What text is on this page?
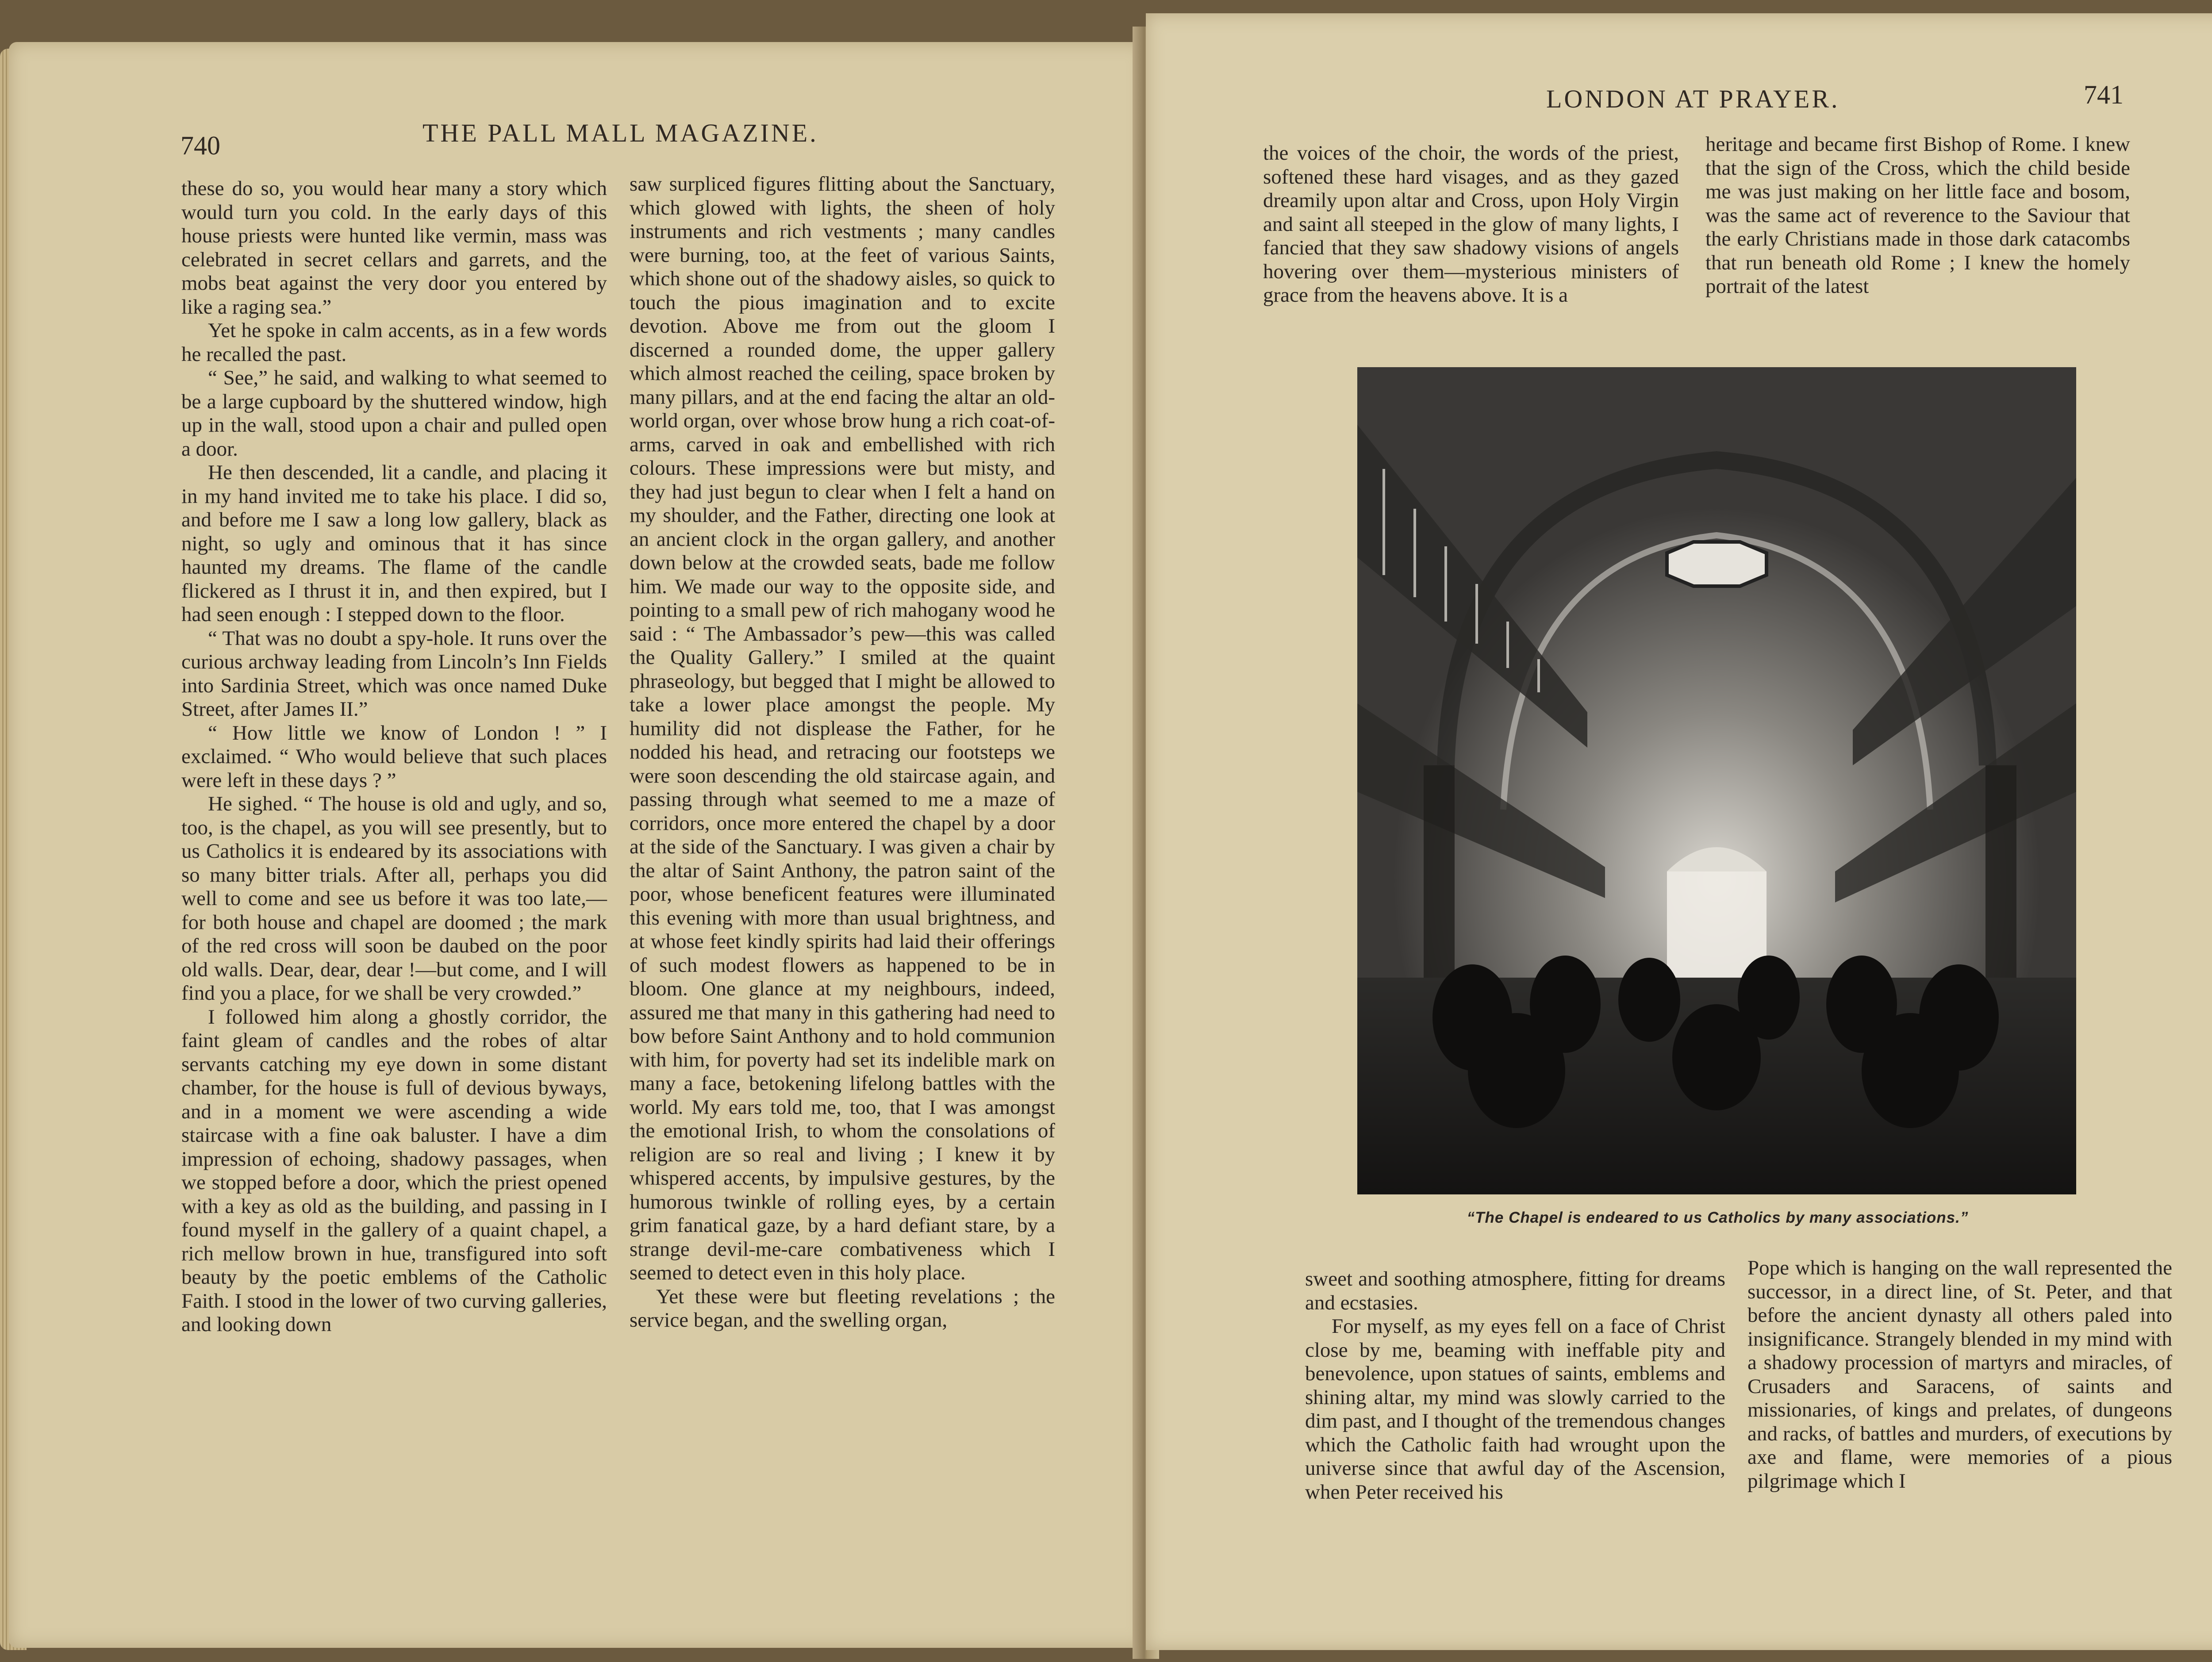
740	THE PALL MALL MAGAZINE.

these do so, you would hear many a story which would turn you cold. In the early days of this house priests were hunted like vermin, mass was celebrated in secret cellars and garrets, and the mobs beat against the very door you entered by like a raging sea.”

Yet he spoke in calm accents, as in a few words he recalled the past.

“ See,” he said, and walking to what seemed to be a large cupboard by the shuttered window, high up in the wall, stood upon a chair and pulled open a door.

He then descended, lit a candle, and placing it in my hand invited me to take his place. I did so, and before me I saw a long low gallery, black as night, so ugly and ominous that it has since haunted my dreams. The flame of the candle flickered as I thrust it in, and then expired, but I had seen enough : I stepped down to the floor.

“ That was no doubt a spy-hole. It runs over the curious archway leading from Lincoln’s Inn Fields into Sardinia Street, which was once named Duke Street, after James II.”

“ How little we know of London ! ” I exclaimed. “ Who would believe that such places were left in these days ? ”

He sighed. “ The house is old and ugly, and so, too, is the chapel, as you will see presently, but to us Catholics it is endeared by its associations with so many bitter trials. After all, perhaps you did well to come and see us before it was too late,—for both house and chapel are doomed ; the mark of the red cross will soon be daubed on the poor old walls. Dear, dear, dear !—but come, and I will find you a place, for we shall be very crowded.”

I followed him along a ghostly corridor, the faint gleam of candles and the robes of altar servants catching my eye down in some distant chamber, for the house is full of devious byways, and in a moment we were ascending a wide staircase with a fine oak baluster. I have a dim impression of echoing, shadowy passages, when we stopped before a door, which the priest opened with a key as old as the building, and passing in I found myself in the gallery of a quaint chapel, a rich mellow brown in hue, transfigured into soft beauty by the poetic emblems of the Catholic Faith. I stood in the lower of two curving galleries, and looking down

saw surpliced figures flitting about the Sanctuary, which glowed with lights, the sheen of holy instruments and rich vestments ; many candles were burning, too, at the feet of various Saints, which shone out of the shadowy aisles, so quick to touch the pious imagination and to excite devotion. Above me from out the gloom I discerned a rounded dome, the upper gallery which almost reached the ceiling, space broken by many pillars, and at the end facing the altar an old-world organ, over whose brow hung a rich coat-of-arms, carved in oak and embellished with rich colours. These impressions were but misty, and they had just begun to clear when I felt a hand on my shoulder, and the Father, directing one look at an ancient clock in the organ gallery, and another down below at the crowded seats, bade me follow him. We made our way to the opposite side, and pointing to a small pew of rich mahogany wood he said : “ The Ambassador’s pew—this was called the Quality Gallery.” I smiled at the quaint phraseology, but begged that I might be allowed to take a lower place amongst the people. My humility did not displease the Father, for he nodded his head, and retracing our footsteps we were soon descending the old staircase again, and passing through what seemed to me a maze of corridors, once more entered the chapel by a door at the side of the Sanctuary. I was given a chair by the altar of Saint Anthony, the patron saint of the poor, whose beneficent features were illuminated this evening with more than usual brightness, and at whose feet kindly spirits had laid their offerings of such modest flowers as happened to be in bloom. One glance at my neighbours, indeed, assured me that many in this gathering had need to bow before Saint Anthony and to hold communion with him, for poverty had set its indelible mark on many a face, betokening lifelong battles with the world. My ears told me, too, that I was amongst the emotional Irish, to whom the consolations of religion are so real and living ; I knew it by whispered accents, by impulsive gestures, by the humorous twinkle of rolling eyes, by a certain grim fanatical gaze, by a hard defiant stare, by a strange devil-me-care combativeness which I seemed to detect even in this holy place.

Yet these were but fleeting revelations ; the service began, and the swelling organ,

LONDON AT PRAYER.	741

the voices of the choir, the words of the priest, softened these hard visages, and as they gazed dreamily upon altar and Cross, upon Holy Virgin and saint all steeped in the glow of many lights, I fancied that they saw shadowy visions of angels hovering over them—mysterious ministers of grace from the heavens above. It is a

heritage and became first Bishop of Rome. I knew that the sign of the Cross, which the child beside me was just making on her little face and bosom, was the same act of reverence to the Saviour that the early Christians made in those dark catacombs that run beneath old Rome ; I knew the homely portrait of the latest

sweet and soothing atmosphere, fitting for dreams and ecstasies.

For myself, as my eyes fell on a face of Christ close by me, beaming with ineffable pity and benevolence, upon statues of saints, emblems and shining altar, my mind was slowly carried to the dim past, and I thought of the tremendous changes which the Catholic faith had wrought upon the universe since that awful day of the Ascension, when Peter received his

Pope which is hanging on the wall represented the successor, in a direct line, of St. Peter, and that before the ancient dynasty all others paled into insignificance. Strangely blended in my mind with a shadowy procession of martyrs and miracles, of Crusaders and Saracens, of saints and missionaries, of kings and prelates, of dungeons and racks, of battles and murders, of executions by axe and flame, were memories of a pious pilgrimage which I

“The Chapel is endeared to us Catholics by many associations.”
